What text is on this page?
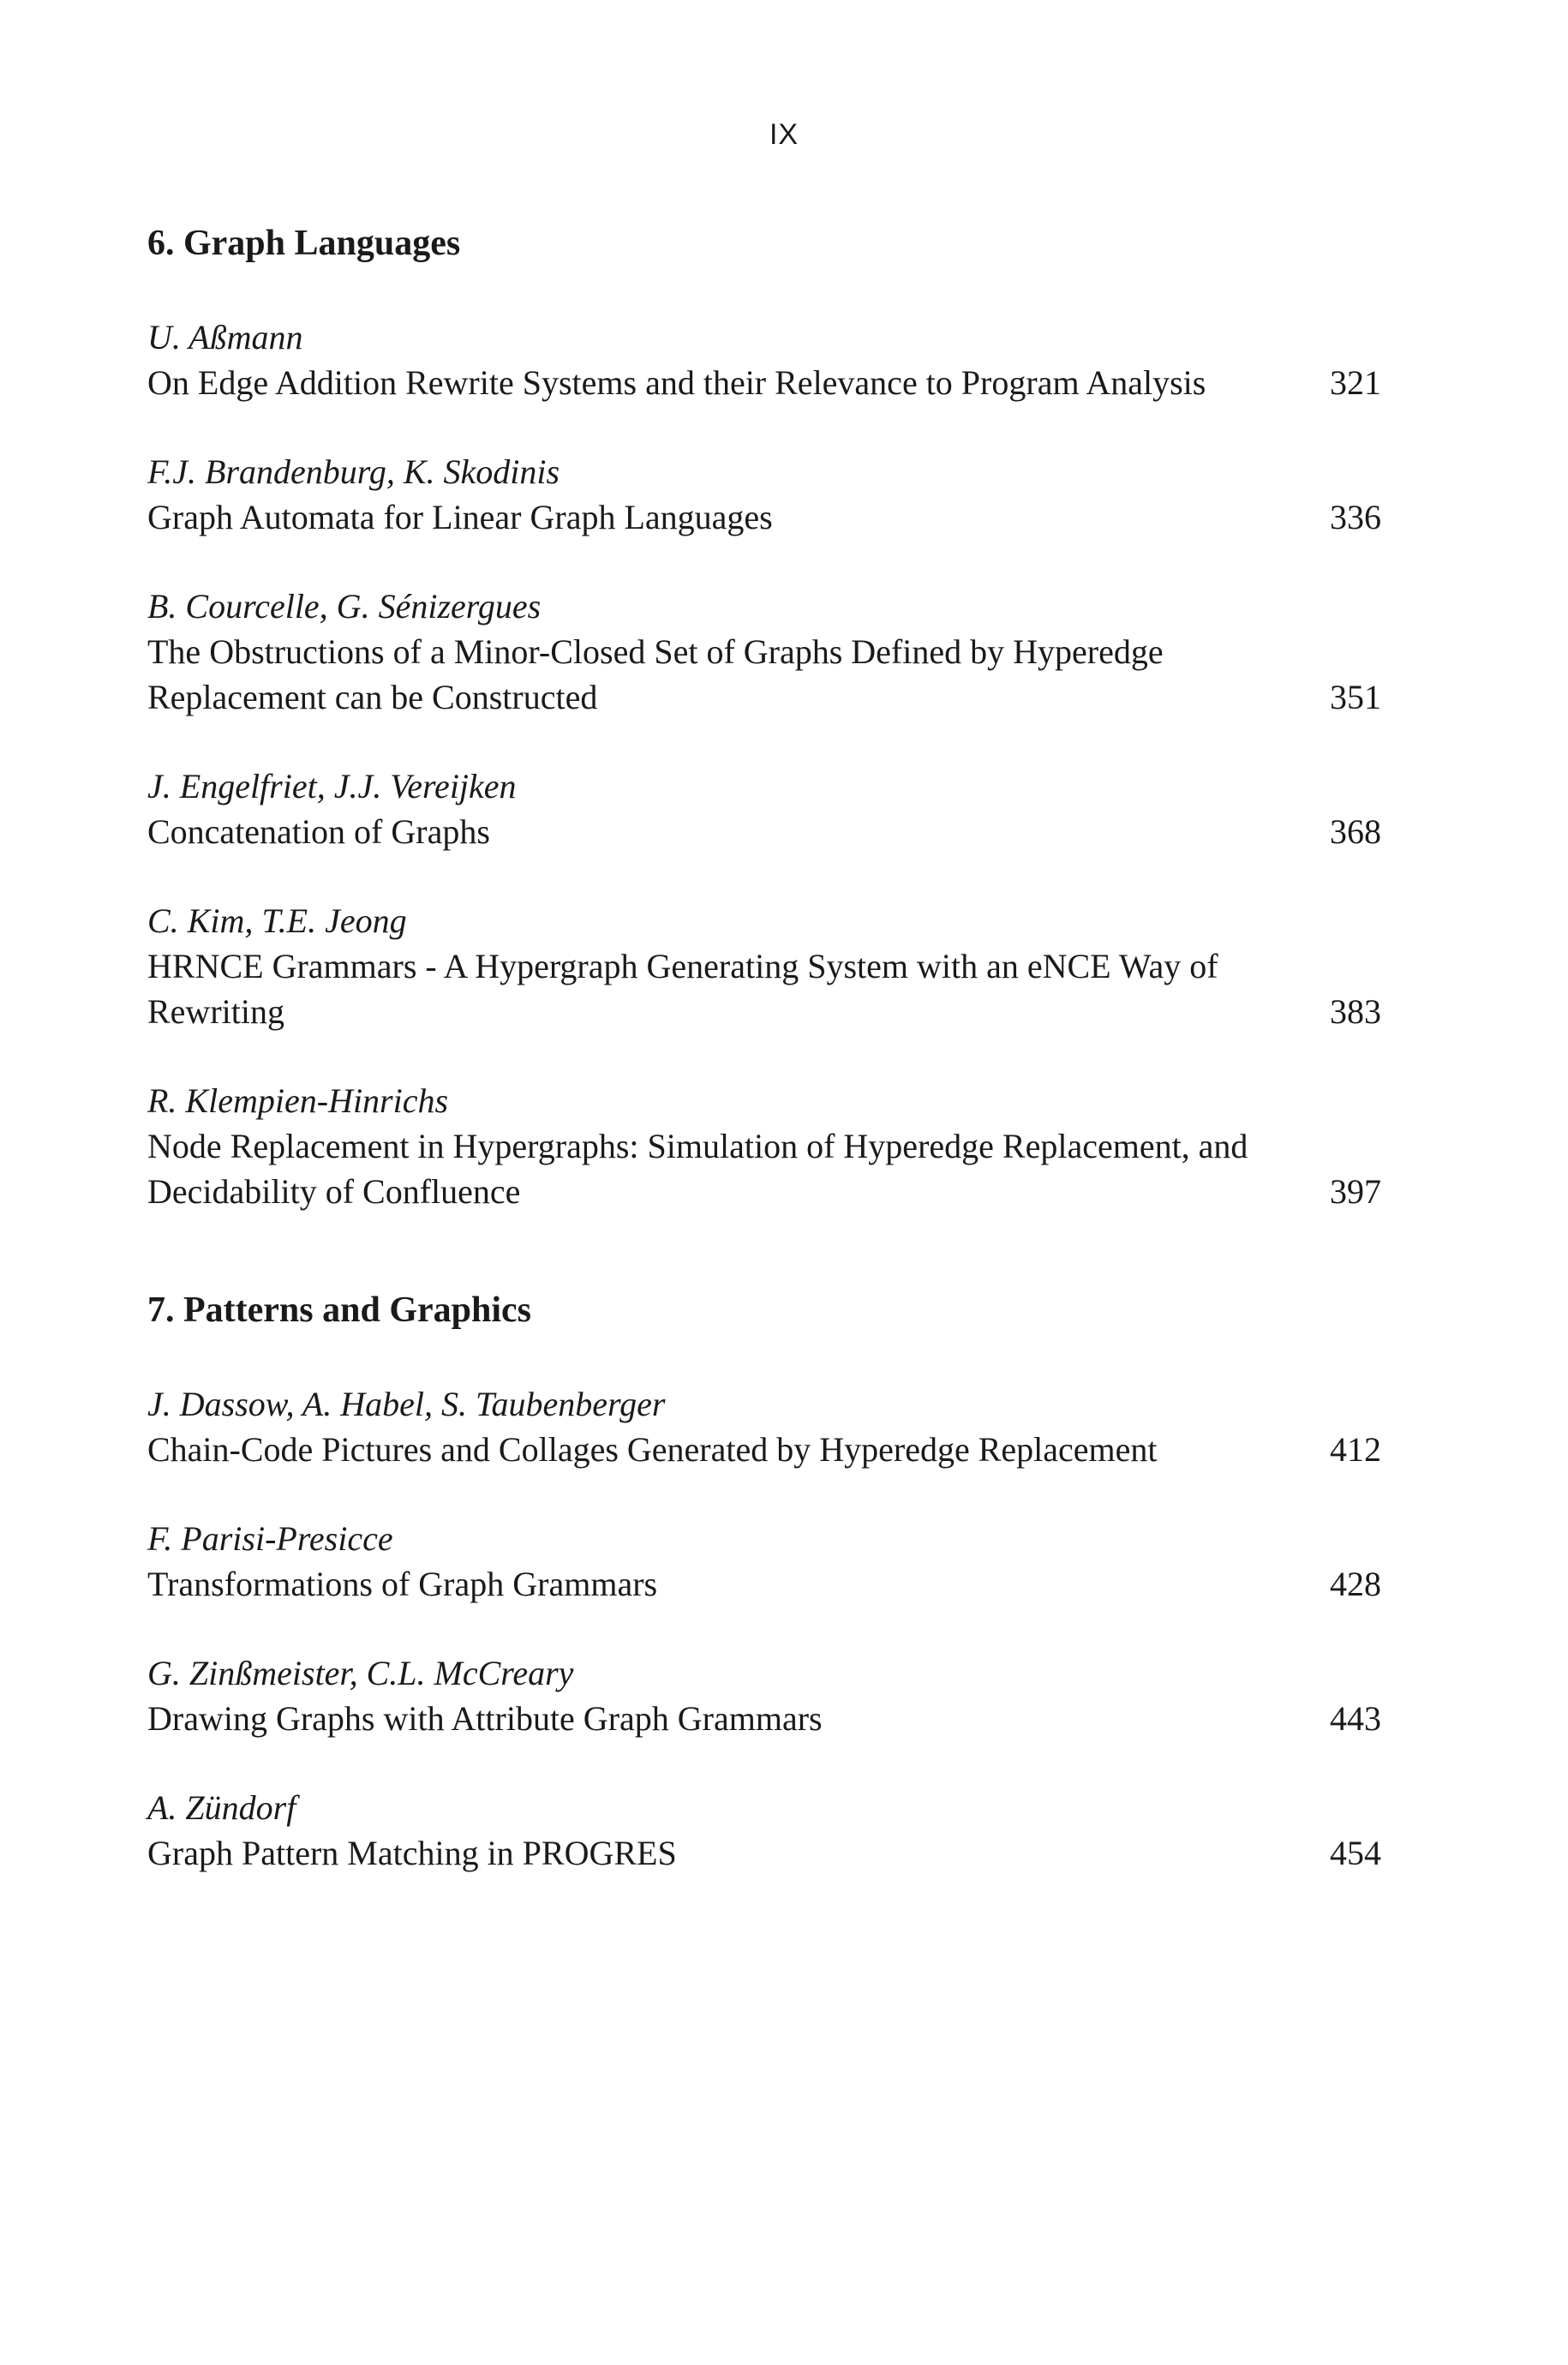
IX
6. Graph Languages
U. Aßmann
On Edge Addition Rewrite Systems and their Relevance to Program Analysis	321
F.J. Brandenburg, K. Skodinis
Graph Automata for Linear Graph Languages	336
B. Courcelle, G. Sénizergues
The Obstructions of a Minor-Closed Set of Graphs Defined by Hyperedge Replacement can be Constructed	351
J. Engelfriet, J.J. Vereijken
Concatenation of Graphs	368
C. Kim, T.E. Jeong
HRNCE Grammars - A Hypergraph Generating System with an eNCE Way of Rewriting	383
R. Klempien-Hinrichs
Node Replacement in Hypergraphs: Simulation of Hyperedge Replacement, and Decidability of Confluence	397
7. Patterns and Graphics
J. Dassow, A. Habel, S. Taubenberger
Chain-Code Pictures and Collages Generated by Hyperedge Replacement	412
F. Parisi-Presicce
Transformations of Graph Grammars	428
G. Zinßmeister, C.L. McCreary
Drawing Graphs with Attribute Graph Grammars	443
A. Zündorf
Graph Pattern Matching in PROGRES	454
